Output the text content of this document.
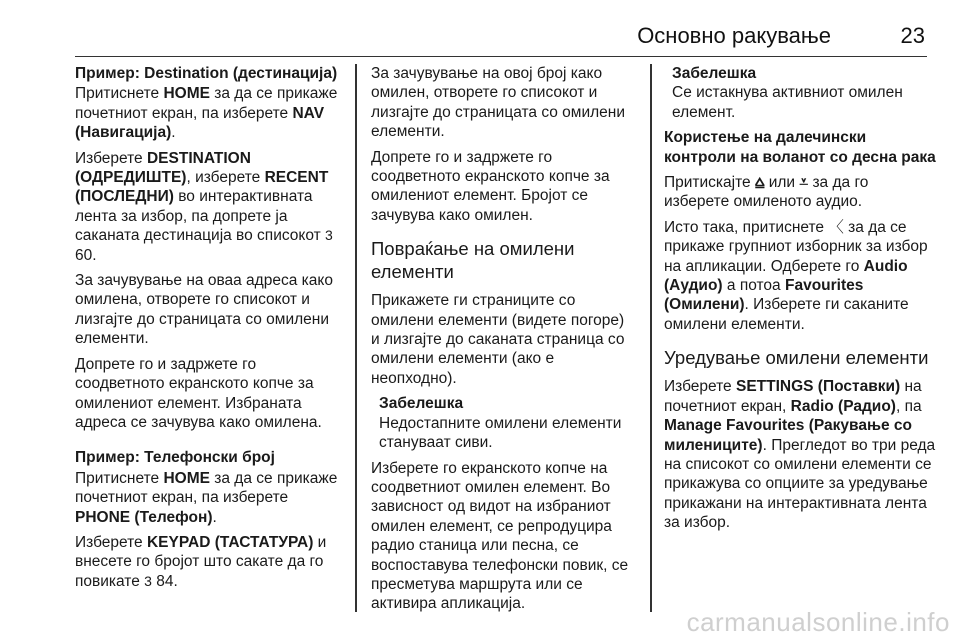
Основно ракување	23

Пример: Destination (дестинација)

Притиснете HOME за да се прикаже почетниот екран, па изберете NAV (Навигација).

Изберете DESTINATION (ОДРЕДИШТЕ), изберете RECENT (ПОСЛЕДНИ) во интерактивната лента за избор, па допрете ја саканата дестинација во списокот 3 60.

За зачувување на оваа адреса како омилена, отворете го списокот и лизгајте до страницата со омилени елементи.

Допрете го и задржете го соодветното екранското копче за омилениот елемент. Избраната адреса се зачувува како омилена.

Пример: Телефонски број

Притиснете HOME за да се прикаже почетниот екран, па изберете PHONE (Телефон).

Изберете KEYPAD (ТАСТАТУРА) и внесете го бројот што сакате да го повикате 3 84.

За зачувување на овој број како омилен, отворете го списокот и лизгајте до страницата со омилени елементи.

Допрете го и задржете го соодветното екранското копче за омилениот елемент. Бројот се зачувува како омилен.

Повраќање на омилени елементи

Прикажете ги страниците со омилени елементи (видете погоре) и лизгајте до саканата страница со омилени елементи (ако е неопходно).

Забелешка
Недостапните омилени елементи стануваат сиви.

Изберете го екранското копче на соодветниот омилен елемент. Во зависност од видот на избраниот омилен елемент, се репродуцира радио станица или песна, се воспоставува телефонски повик, се пресметува маршрута или се активира апликација.

Забелешка
Се истакнува активниот омилен елемент.

Користење на далечински контроли на воланот со десна рака

Притискајте ⩠ или ⩡ за да го изберете омиленото аудио.

Исто така, притиснете 〈 за да се прикаже групниот изборник за избор на апликации. Одберете го Audio (Аудио) а потоа Favourites (Омилени). Изберете ги саканите омилени елементи.

Уредување омилени елементи

Изберете SETTINGS (Поставки) на почетниот екран, Radio (Радио), па Manage Favourites (Ракување со милениците). Прегледот во три реда на списокот со омилени елементи се прикажува со опциите за уредување прикажани на интерактивната лента за избор.

carmanualsonline.info
